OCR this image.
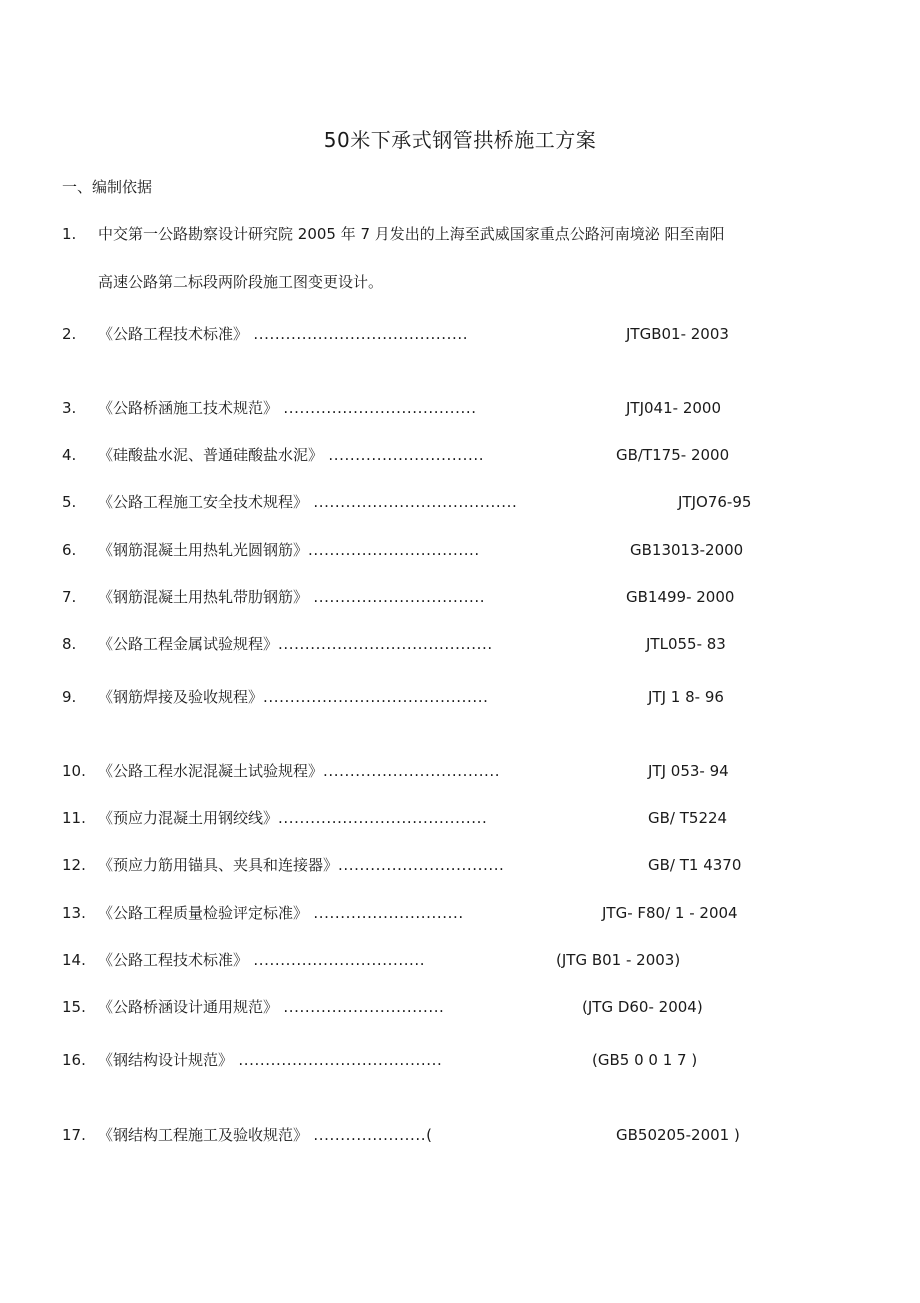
50米下承式钢管拱桥施工方案
一、编制依据
1. 中交第一公路勘察设计研究院 2005 年 7 月发出的上海至武威国家重点公路河南境泌 阳至南阳
高速公路第二标段两阶段施工图变更设计。
2. 《公路工程技术标准》 ........................................	JTGB01- 2003
3. 《公路桥涵施工技术规范》 ....................................	JTJ041- 2000
4. 《硅酸盐水泥、普通硅酸盐水泥》 .............................	GB/T175- 2000
5. 《公路工程施工安全技术规程》 ......................................	JTJO76-95
6. 《钢筋混凝土用热轧光圆钢筋》................................	GB13013-2000
7. 《钢筋混凝土用热轧带肋钢筋》 ................................	GB1499- 2000
8. 《公路工程金属试验规程》........................................	JTL055- 83
9. 《钢筋焊接及验收规程》..........................................	JTJ 1 8- 96
10. 《公路工程水泥混凝土试验规程》.................................	JTJ 053- 94
11. 《预应力混凝土用钢绞线》.......................................	GB/ T5224
12. 《预应力筋用锚具、夹具和连接器》...............................	GB/ T1 4370
13. 《公路工程质量检验评定标准》 ............................	JTG- F80/ 1 - 2004
14. 《公路工程技术标准》 ................................	(JTG B01 - 2003)
15. 《公路桥涵设计通用规范》 ..............................	(JTG D60- 2004)
16. 《钢结构设计规范》 ......................................	(GB5 0 0 1 7 )
17. 《钢结构工程施工及验收规范》 .....................(	GB50205-2001 )
